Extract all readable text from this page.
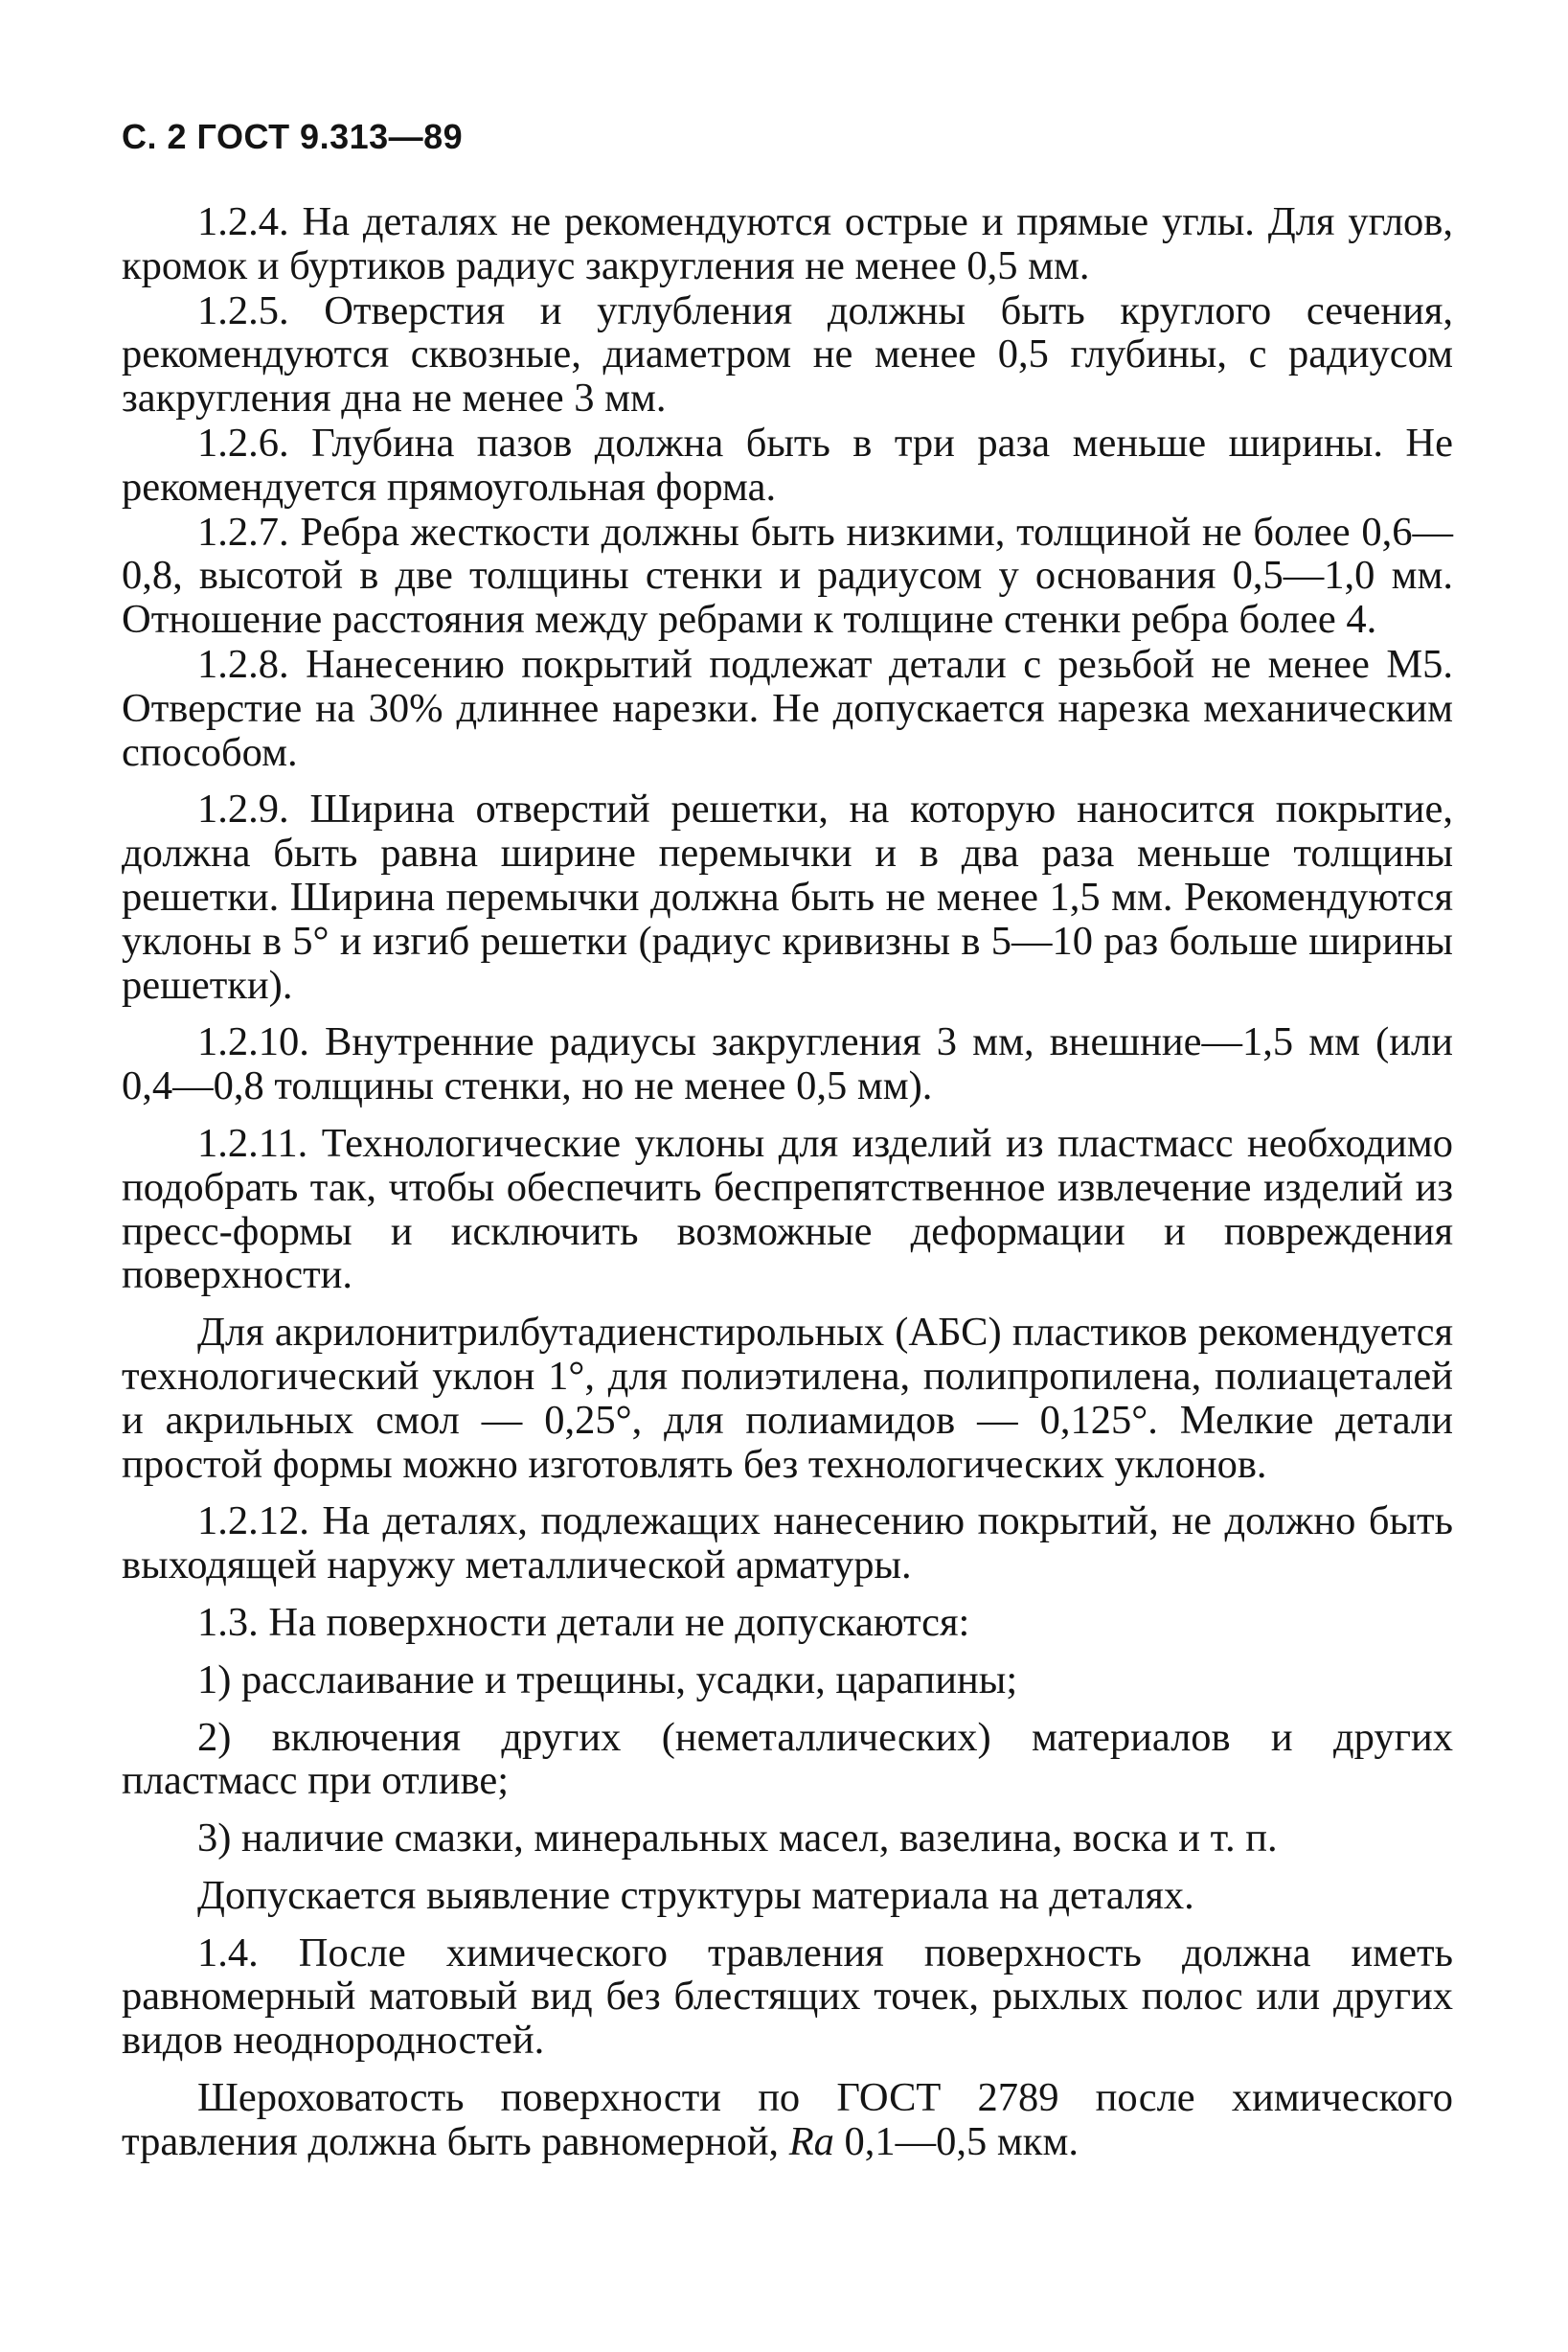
С. 2 ГОСТ 9.313—89

1.2.4. На деталях не рекомендуются острые и прямые углы. Для углов, кромок и буртиков радиус закругления не менее 0,5 мм.

1.2.5. Отверстия и углубления должны быть круглого сечения, рекомендуются сквозные, диаметром не менее 0,5 глубины, с радиусом закругления дна не менее 3 мм.

1.2.6. Глубина пазов должна быть в три раза меньше ширины. Не рекомендуется прямоугольная форма.

1.2.7. Ребра жесткости должны быть низкими, толщиной не более 0,6—0,8, высотой в две толщины стенки и радиусом у основания 0,5—1,0 мм. Отношение расстояния между ребрами к толщине стенки ребра более 4.

1.2.8. Нанесению покрытий подлежат детали с резьбой не менее М5. Отверстие на 30% длиннее нарезки. Не допускается нарезка механическим способом.

1.2.9. Ширина отверстий решетки, на которую наносится покрытие, должна быть равна ширине перемычки и в два раза меньше толщины решетки. Ширина перемычки должна быть не менее 1,5 мм. Рекомендуются уклоны в 5° и изгиб решетки (радиус кривизны в 5—10 раз больше ширины решетки).

1.2.10. Внутренние радиусы закругления 3 мм, внешние—1,5 мм (или 0,4—0,8 толщины стенки, но не менее 0,5 мм).

1.2.11. Технологические уклоны для изделий из пластмасс необходимо подобрать так, чтобы обеспечить беспрепятственное извлечение изделий из пресс-формы и исключить возможные деформации и повреждения поверхности.

Для акрилонитрилбутадиенстирольных (АБС) пластиков рекомендуется технологический уклон 1°, для полиэтилена, полипропилена, полиацеталей и акрильных смол — 0,25°, для полиамидов — 0,125°. Мелкие детали простой формы можно изготовлять без технологических уклонов.

1.2.12. На деталях, подлежащих нанесению покрытий, не должно быть выходящей наружу металлической арматуры.

1.3. На поверхности детали не допускаются:

1) расслаивание и трещины, усадки, царапины;

2) включения других (неметаллических) материалов и других пластмасс при отливе;

3) наличие смазки, минеральных масел, вазелина, воска и т. п.

Допускается выявление структуры материала на деталях.

1.4. После химического травления поверхность должна иметь равномерный матовый вид без блестящих точек, рыхлых полос или других видов неоднородностей.

Шероховатость поверхности по ГОСТ 2789 после химического травления должна быть равномерной, Ra 0,1—0,5 мкм.
